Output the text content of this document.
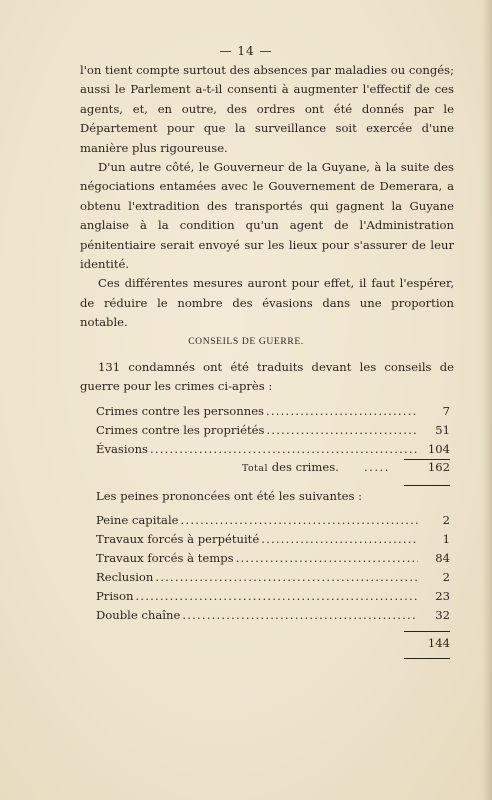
— 14 —

l'on tient compte surtout des absences par maladies ou congés; aussi le Parlement a-t-il consenti à augmenter l'effectif de ces agents, et, en outre, des ordres ont été donnés par le Département pour que la surveillance soit exercée d'une manière plus rigoureuse.

D'un autre côté, le Gouverneur de la Guyane, à la suite des négociations entamées avec le Gouvernement de Demerara, a obtenu l'extradition des transportés qui gagnent la Guyane anglaise à la condition qu'un agent de l'Administration pénitentiaire serait envoyé sur les lieux pour s'assurer de leur identité.

Ces différentes mesures auront pour effet, il faut l'espérer, de réduire le nombre des évasions dans une proportion notable.

CONSEILS DE GUERRE.

131 condamnés ont été traduits devant les conseils de guerre pour les crimes ci-après :

Crimes contre les personnes .....	7
Crimes contre les propriétés .....	51
Évasions .....	104
Total des crimes. .....	162

Les peines prononcées ont été les suivantes :

Peine capitale .....	2
Travaux forcés à perpétuité .....	1
Travaux forcés à temps .....	84
Reclusion .....	2
Prison .....	23
Double chaîne .....	32
144
